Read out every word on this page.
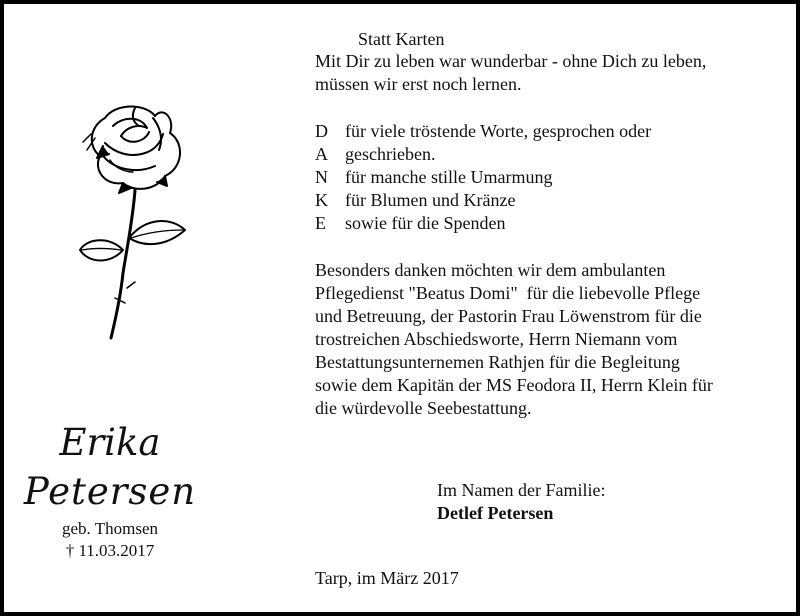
Erika
Petersen
geb. Thomsen
† 11.03.2017
Statt Karten
Mit Dir zu leben war wunderbar - ohne Dich zu leben,
müssen wir erst noch lernen.
D für viele tröstende Worte, gesprochen oder
A geschrieben.
N für manche stille Umarmung
K für Blumen und Kränze
E	sowie für die Spenden
Besonders danken möchten wir dem ambulanten
Pflegedienst "Beatus Domi"  für die liebevolle Pflege
und Betreuung, der Pastorin Frau Löwenstrom für die
trostreichen Abschiedsworte, Herrn Niemann vom
Bestattungsunternemen Rathjen für die Begleitung
sowie dem Kapitän der MS Feodora II, Herrn Klein für
die würdevolle Seebestattung.
Im Namen der Familie:
Detlef Petersen
Tarp, im März 2017
